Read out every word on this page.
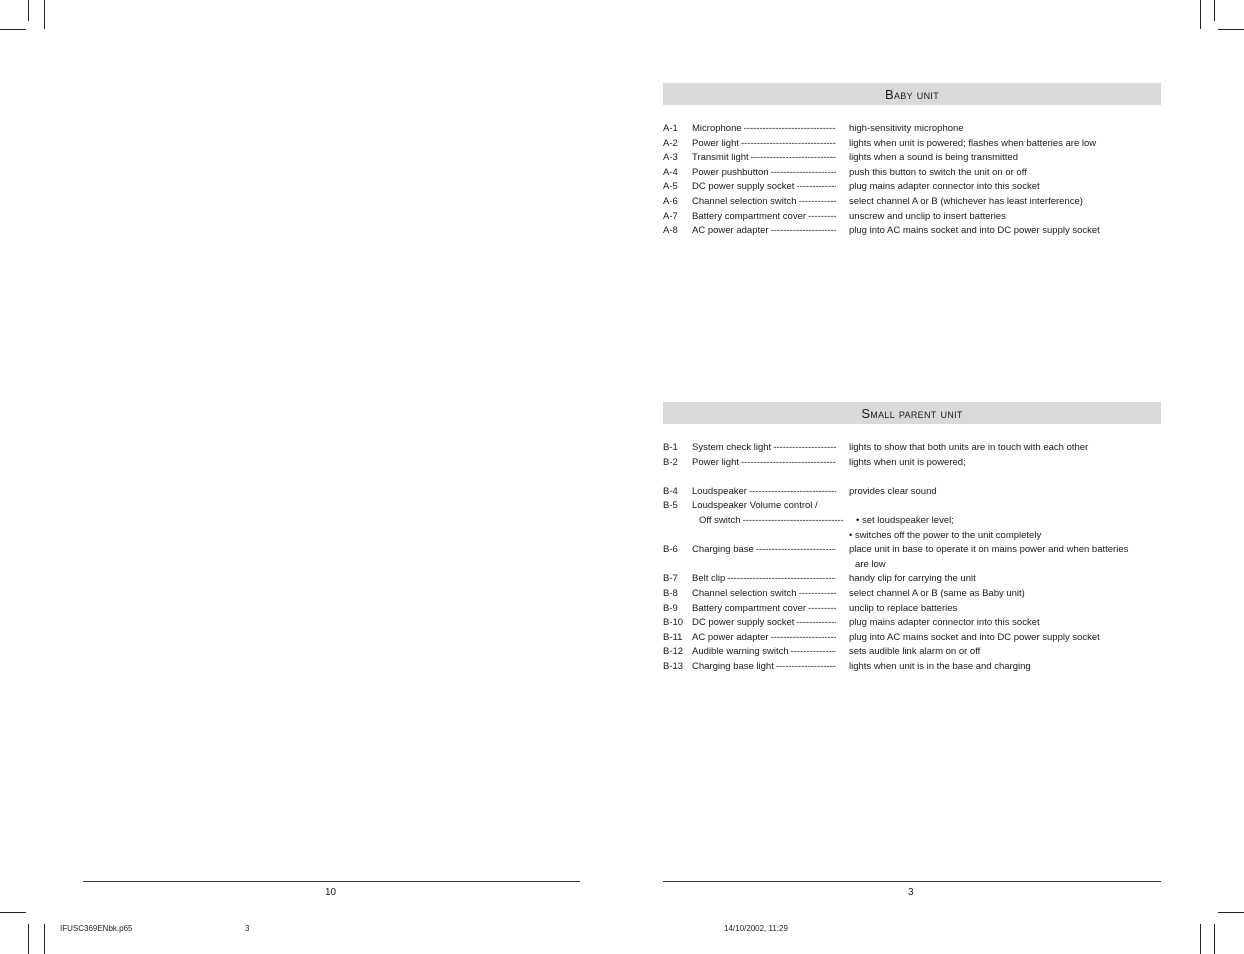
Baby unit
A-1	Microphone -----	high-sensitivity microphone
A-2	Power light -----	lights when unit is powered; flashes when batteries are low
A-3	Transmit light -----	lights when a sound is being transmitted
A-4	Power pushbutton -----	push this button to switch the unit on or off
A-5	DC power supply socket -----	plug mains adapter connector into this socket
A-6	Channel selection switch -----	select channel A or B (whichever has least interference)
A-7	Battery compartment cover -----	unscrew and unclip to insert batteries
A-8	AC power adapter -----	plug into AC mains socket and into DC power supply socket
Small parent unit
B-1	System check light -----	lights to show that both units are in touch with each other
B-2	Power light -----	lights when unit is powered;
B-4	Loudspeaker -----	provides clear sound
B-5	Loudspeaker Volume control /
Off switch -----	• set loudspeaker level;
• switches off the power to the unit completely
B-6	Charging base -----	place unit in base to operate it on mains power and when batteries
are low
B-7	Belt clip -----	handy clip for carrying the unit
B-8	Channel selection switch -----	select channel A or B (same as Baby unit)
B-9	Battery compartment cover -----	unclip to replace batteries
B-10 DC power supply socket -----	plug mains adapter connector into this socket
B-11	AC power adapter -----	plug into AC mains socket and into DC power supply socket
B-12 Audible warning switch -----	sets audible link alarm on or off
B-13 Charging base light -----	lights when unit is in the base and charging
10	3
IFUSC369ENbk.p65	3	14/10/2002, 11:29
